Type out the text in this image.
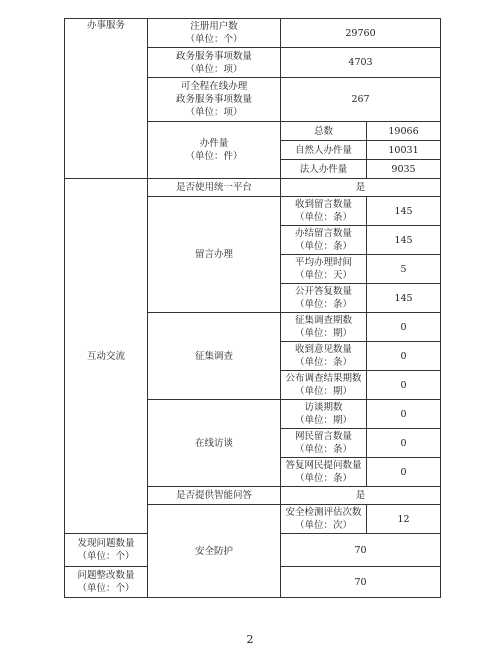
办事服务	注册用户数
（单位：个）	29760	

	政务服务事项数量
（单位：项）	4703	

	可全程在线办理
政务服务事项数量
（单位：项）	267	

	办件量
（单位：件）	总数	19066
		自然人办件量	10031
		法人办件量	9035
互动交流	是否使用统一平台	是	
	留言办理	收到留言数量
（单位：条）	145

		办结留言数量
（单位：条）	145

		平均办理时间
（单位：天）	5

		公开答复数量
（单位：条）	145
	征集调查	征集调查期数
（单位：期）	0

		收到意见数量
（单位：条）	0

		公布调查结果期数
（单位：期）	0
	在线访谈	访谈期数
（单位：期）	0

		网民留言数量
（单位：条）	0

		答复网民提问数量
（单位：条）	0
	是否提供智能问答	是	
	安全防护	安全检测评估次数
（单位：次）	12

发现问题数量
（单位：个）		70	

问题整改数量
（单位：个）		70	
2
